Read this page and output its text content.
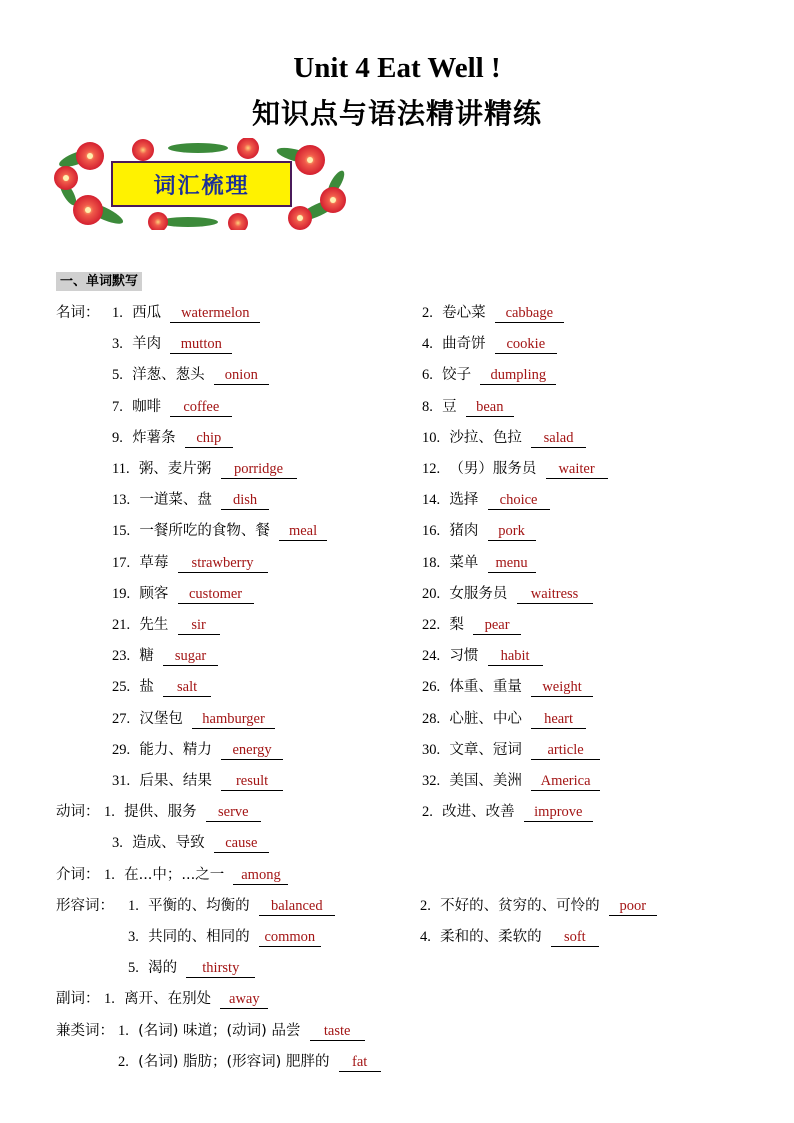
Unit 4 Eat Well !
知识点与语法精讲精练
词汇梳理
一、单词默写
名词： 1. 西瓜 watermelon	2. 卷心菜 cabbage
3. 羊肉 mutton	4. 曲奇饼 cookie
5. 洋葱、葱头 onion	6. 饺子 dumpling
7. 咖啡 coffee	8. 豆 bean
9. 炸薯条 chip	10. 沙拉、色拉 salad
11. 粥、麦片粥 porridge	12. （男）服务员 waiter
13. 一道菜、盘 dish	14. 选择 choice
15. 一餐所吃的食物、餐 meal	16. 猪肉 pork
17. 草莓 strawberry	18. 菜单 menu
19. 顾客 customer	20. 女服务员 waitress
21. 先生 sir	22. 梨 pear
23. 糖 sugar	24. 习惯 habit
25. 盐 salt	26. 体重、重量 weight
27. 汉堡包 hamburger	28. 心脏、中心 heart
29. 能力、精力 energy	30. 文章、冠词 article
31. 后果、结果 result	32. 美国、美洲 America
动词： 1. 提供、服务 serve	2. 改进、改善 improve
3. 造成、导致 cause
介词： 1. 在...中；...之一 among
形容词： 1. 平衡的、均衡的 balanced	2. 不好的、贫穷的、可怜的 poor
3. 共同的、相同的 common	4. 柔和的、柔软的 soft
5. 渴的 thirsty
副词： 1. 离开、在别处 away
兼类词： 1. (名词) 味道；(动词) 品尝 taste
2. (名词) 脂肪；(形容词) 肥胖的 fat
